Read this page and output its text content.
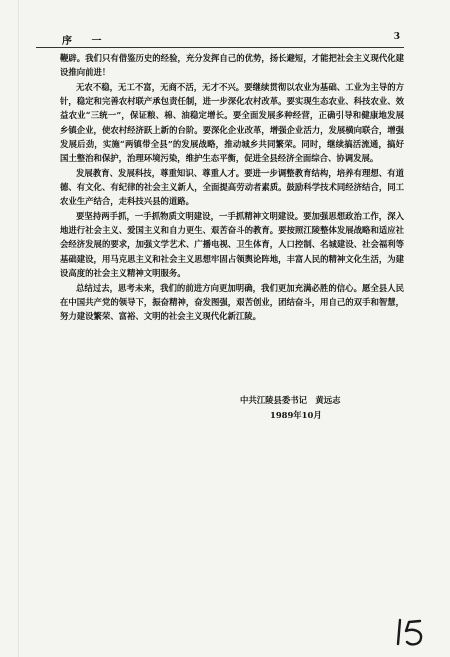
序 一	3

鞭辟。我们只有借鉴历史的经验，充分发挥自己的优势，扬长避短，才能把社会主义现代化建设推向前进！

无农不稳，无工不富，无商不活，无才不兴。要继续贯彻以农业为基础、工业为主导的方针，稳定和完善农村联产承包责任制，进一步深化农村改革。要实现生态农业、科技农业、效益农业“三统一”，保证粮、棉、油稳定增长。要全面发展多种经营，正确引导和健康地发展乡镇企业，使农村经济跃上新的台阶。要深化企业改革，增强企业活力，发展横向联合，增强发展后劲，实施“两镇带全县”的发展战略，推动城乡共同繁荣。同时，继续搞活流通，搞好国土整治和保护，治理环境污染，维护生态平衡，促进全县经济全面综合、协调发展。

发展教育、发展科技，尊重知识、尊重人才。要进一步调整教育结构，培养有理想、有道德、有文化、有纪律的社会主义新人，全面提高劳动者素质。鼓励科学技术同经济结合，同工农业生产结合，走科技兴县的道路。

要坚持两手抓，一手抓物质文明建设，一手抓精神文明建设。要加强思想政治工作，深入地进行社会主义、爱国主义和自力更生、艰苦奋斗的教育。要按照江陵整体发展战略和适应社会经济发展的要求，加强文学艺术、广播电视、卫生体育，人口控制、名城建设、社会福利等基础建设，用马克思主义和社会主义思想牢固占领舆论阵地，丰富人民的精神文化生活，为建设高度的社会主义精神文明服务。

总结过去，思考未来，我们的前进方向更加明确，我们更加充满必胜的信心。愿全县人民在中国共产党的领导下，振奋精神，奋发图强，艰苦创业，团结奋斗，用自己的双手和智慧，努力建设繁荣、富裕、文明的社会主义现代化新江陵。

中共江陵县委书记　黄远志
1989年10月
